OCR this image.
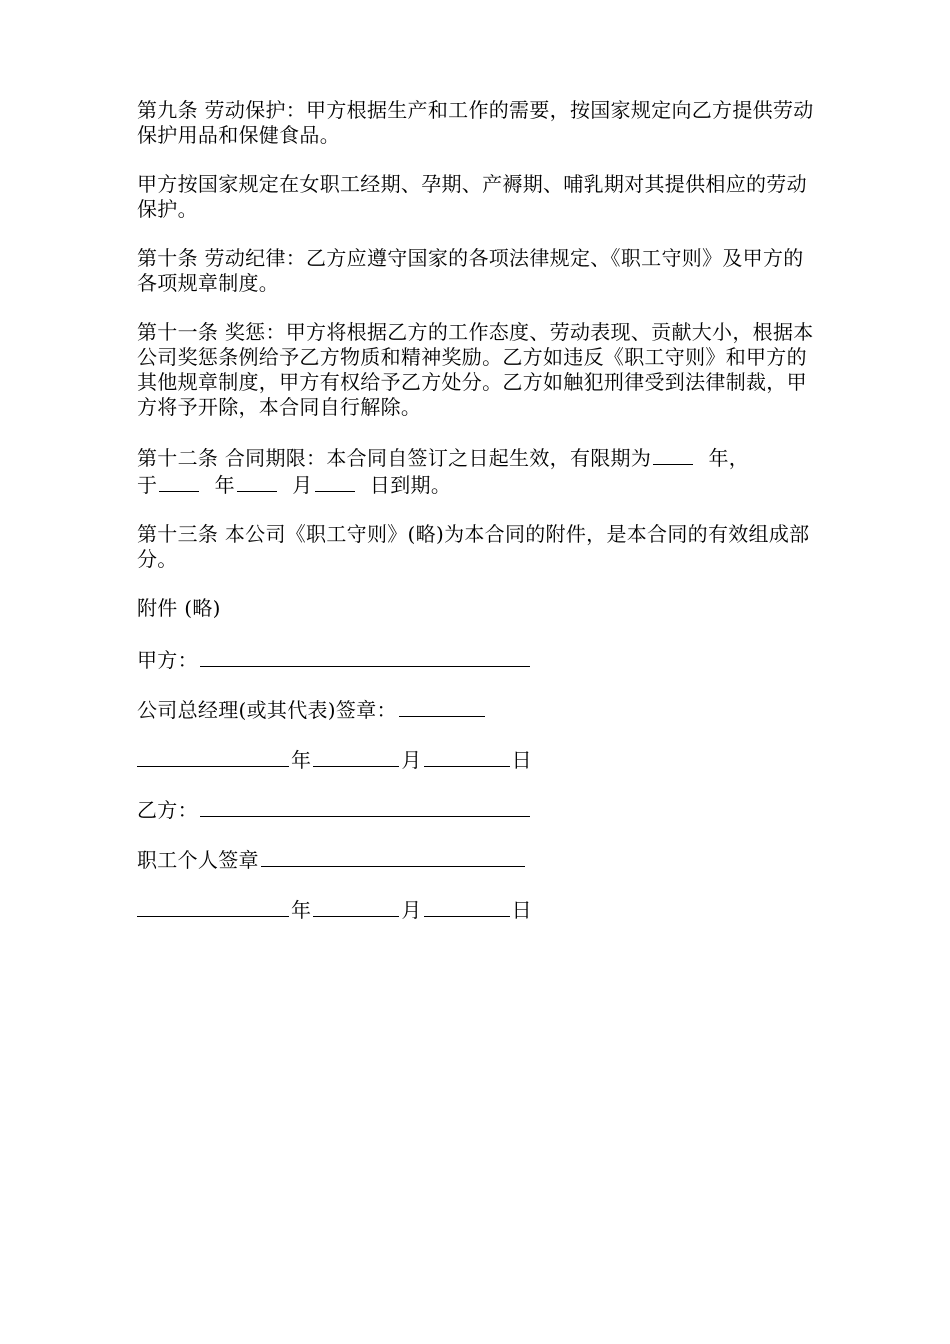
第九条 劳动保护：甲方根据生产和工作的需要，按国家规定向乙方提供劳动保护用品和保健食品。

甲方按国家规定在女职工经期、孕期、产褥期、哺乳期对其提供相应的劳动保护。

第十条 劳动纪律：乙方应遵守国家的各项法律规定、《职工守则》及甲方的各项规章制度。

第十一条 奖惩：甲方将根据乙方的工作态度、劳动表现、贡献大小，根据本公司奖惩条例给予乙方物质和精神奖励。乙方如违反《职工守则》和甲方的其他规章制度，甲方有权给予乙方处分。乙方如触犯刑律受到法律制裁，甲方将予开除，本合同自行解除。

第十二条 合同期限：本合同自签订之日起生效，有限期为	年，
于	年	月	日到期。

第十三条 本公司《职工守则》(略)为本合同的附件，是本合同的有效组成部分。

附件 (略)

甲方：

公司总经理(或其代表)签章：

年	月	日

乙方：

职工个人签章

年	月	日
